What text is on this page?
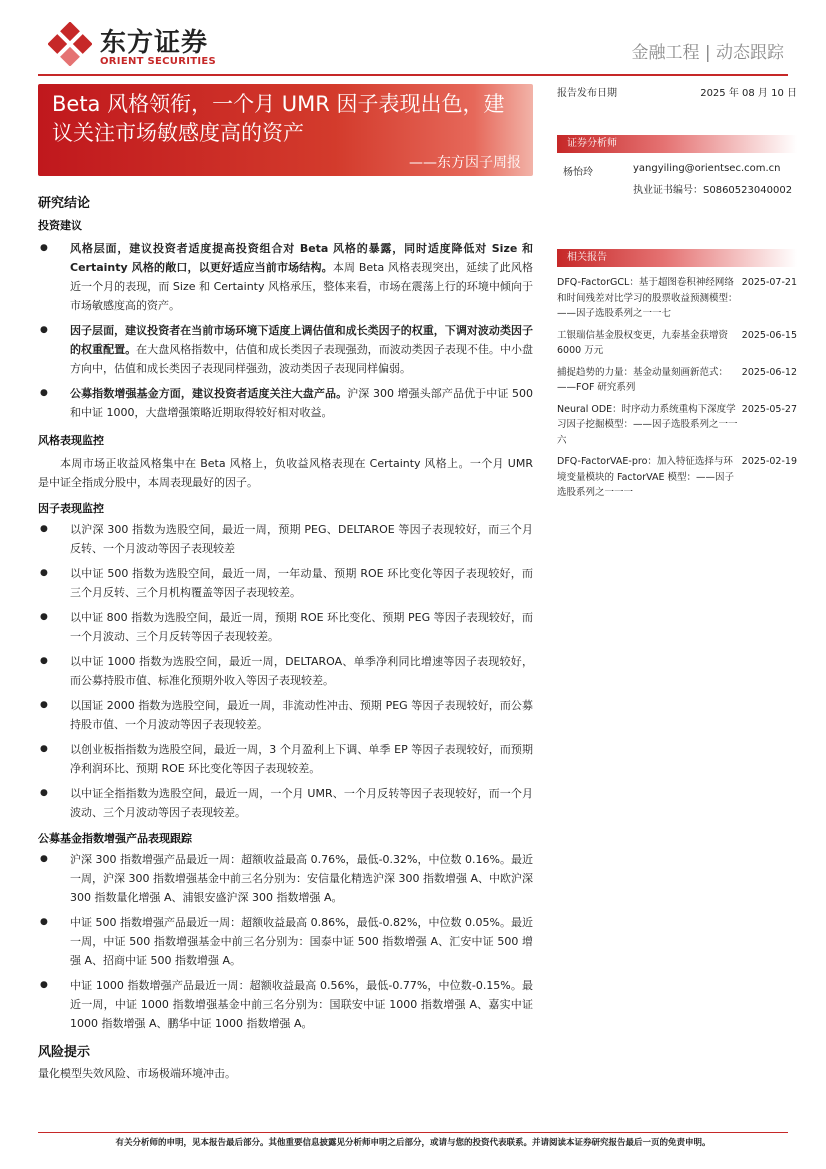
东方证券
ORIENT SECURITIES	金融工程 | 动态跟踪
Beta 风格领衔，一个月 UMR 因子表现出色，建议关注市场敏感度高的资产
——东方因子周报
报告发布日期	2025 年 08 月 10 日
证券分析师
杨怡玲	yangyiling@orientsec.com.cn
执业证书编号：S0860523040002
相关报告
DFQ-FactorGCL：基于超图卷积神经网络和时间残差对比学习的股票收益预测模型：——因子选股系列之一一七
2025-07-21
工银瑞信基金股权变更，九泰基金获增资6000 万元
2025-06-15
捕捉趋势的力量：基金动量刻画新范式：——FOF 研究系列
2025-06-12
Neural ODE：时序动力系统重构下深度学习因子挖掘模型：——因子选股系列之一一六
2025-05-27
DFQ-FactorVAE-pro：加入特征选择与环境变量模块的 FactorVAE 模型：——因子选股系列之一一一
2025-02-19
研究结论
投资建议
● 风格层面，建议投资者适度提高投资组合对 Beta 风格的暴露，同时适度降低对 Size 和 Certainty 风格的敞口，以更好适应当前市场结构。本周 Beta 风格表现突出，延续了此风格近一个月的表现，而 Size 和 Certainty 风格承压，整体来看，市场在震荡上行的环境中倾向于市场敏感度高的资产。
● 因子层面，建议投资者在当前市场环境下适度上调估值和成长类因子的权重，下调对波动类因子的权重配置。在大盘风格指数中，估值和成长类因子表现强劲，而波动类因子表现不佳。中小盘方向中，估值和成长类因子表现同样强劲，波动类因子表现同样偏弱。
● 公募指数增强基金方面，建议投资者适度关注大盘产品。沪深 300 增强头部产品优于中证 500 和中证 1000，大盘增强策略近期取得较好相对收益。
风格表现监控
本周市场正收益风格集中在 Beta 风格上，负收益风格表现在 Certainty 风格上。一个月 UMR 是中证全指成分股中，本周表现最好的因子。
因子表现监控
● 以沪深 300 指数为选股空间，最近一周，预期 PEG、DELTAROE 等因子表现较好，而三个月反转、一个月波动等因子表现较差
● 以中证 500 指数为选股空间，最近一周，一年动量、预期 ROE 环比变化等因子表现较好，而三个月反转、三个月机构覆盖等因子表现较差。
● 以中证 800 指数为选股空间，最近一周，预期 ROE 环比变化、预期 PEG 等因子表现较好，而一个月波动、三个月反转等因子表现较差。
● 以中证 1000 指数为选股空间，最近一周，DELTAROA、单季净利同比增速等因子表现较好，而公募持股市值、标准化预期外收入等因子表现较差。
● 以国证 2000 指数为选股空间，最近一周，非流动性冲击、预期 PEG 等因子表现较好，而公募持股市值、一个月波动等因子表现较差。
● 以创业板指指数为选股空间，最近一周，3 个月盈利上下调、单季 EP 等因子表现较好，而预期净利润环比、预期 ROE 环比变化等因子表现较差。
● 以中证全指指数为选股空间，最近一周，一个月 UMR、一个月反转等因子表现较好，而一个月波动、三个月波动等因子表现较差。
公募基金指数增强产品表现跟踪
● 沪深 300 指数增强产品最近一周：超额收益最高 0.76%，最低-0.32%，中位数 0.16%。最近一周，沪深 300 指数增强基金中前三名分别为：安信量化精选沪深 300 指数增强 A、中欧沪深 300 指数量化增强 A、浦银安盛沪深 300 指数增强 A。
● 中证 500 指数增强产品最近一周：超额收益最高 0.86%，最低-0.82%，中位数 0.05%。最近一周，中证 500 指数增强基金中前三名分别为：国泰中证 500 指数增强 A、汇安中证 500 增强 A、招商中证 500 指数增强 A。
● 中证 1000 指数增强产品最近一周：超额收益最高 0.56%，最低-0.77%，中位数-0.15%。最近一周，中证 1000 指数增强基金中前三名分别为：国联安中证 1000 指数增强 A、嘉实中证 1000 指数增强 A、鹏华中证 1000 指数增强 A。
风险提示
量化模型失效风险、市场极端环境冲击。
有关分析师的申明，见本报告最后部分。其他重要信息披露见分析师申明之后部分，或请与您的投资代表联系。并请阅读本证券研究报告最后一页的免责申明。
